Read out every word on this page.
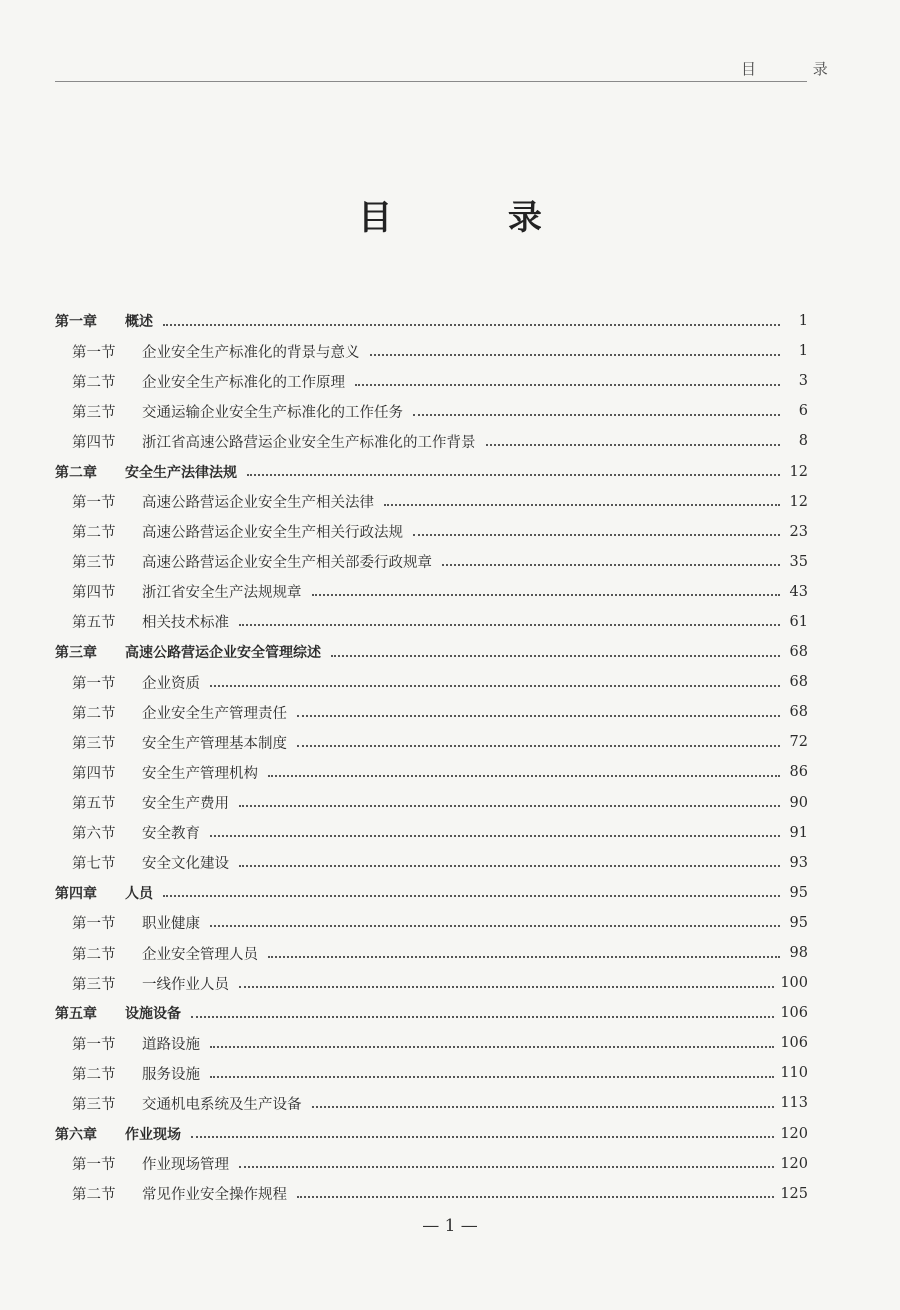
目 录
目 录
第一章	概述	1
第一节	企业安全生产标准化的背景与意义	1
第二节	企业安全生产标准化的工作原理	3
第三节	交通运输企业安全生产标准化的工作任务	6
第四节	浙江省高速公路营运企业安全生产标准化的工作背景	8
第二章	安全生产法律法规	12
第一节	高速公路营运企业安全生产相关法律	12
第二节	高速公路营运企业安全生产相关行政法规	23
第三节	高速公路营运企业安全生产相关部委行政规章	35
第四节	浙江省安全生产法规规章	43
第五节	相关技术标准	61
第三章	高速公路营运企业安全管理综述	68
第一节	企业资质	68
第二节	企业安全生产管理责任	68
第三节	安全生产管理基本制度	72
第四节	安全生产管理机构	86
第五节	安全生产费用	90
第六节	安全教育	91
第七节	安全文化建设	93
第四章	人员	95
第一节	职业健康	95
第二节	企业安全管理人员	98
第三节	一线作业人员	100
第五章	设施设备	106
第一节	道路设施	106
第二节	服务设施	110
第三节	交通机电系统及生产设备	113
第六章	作业现场	120
第一节	作业现场管理	120
第二节	常见作业安全操作规程	125
— 1 —
